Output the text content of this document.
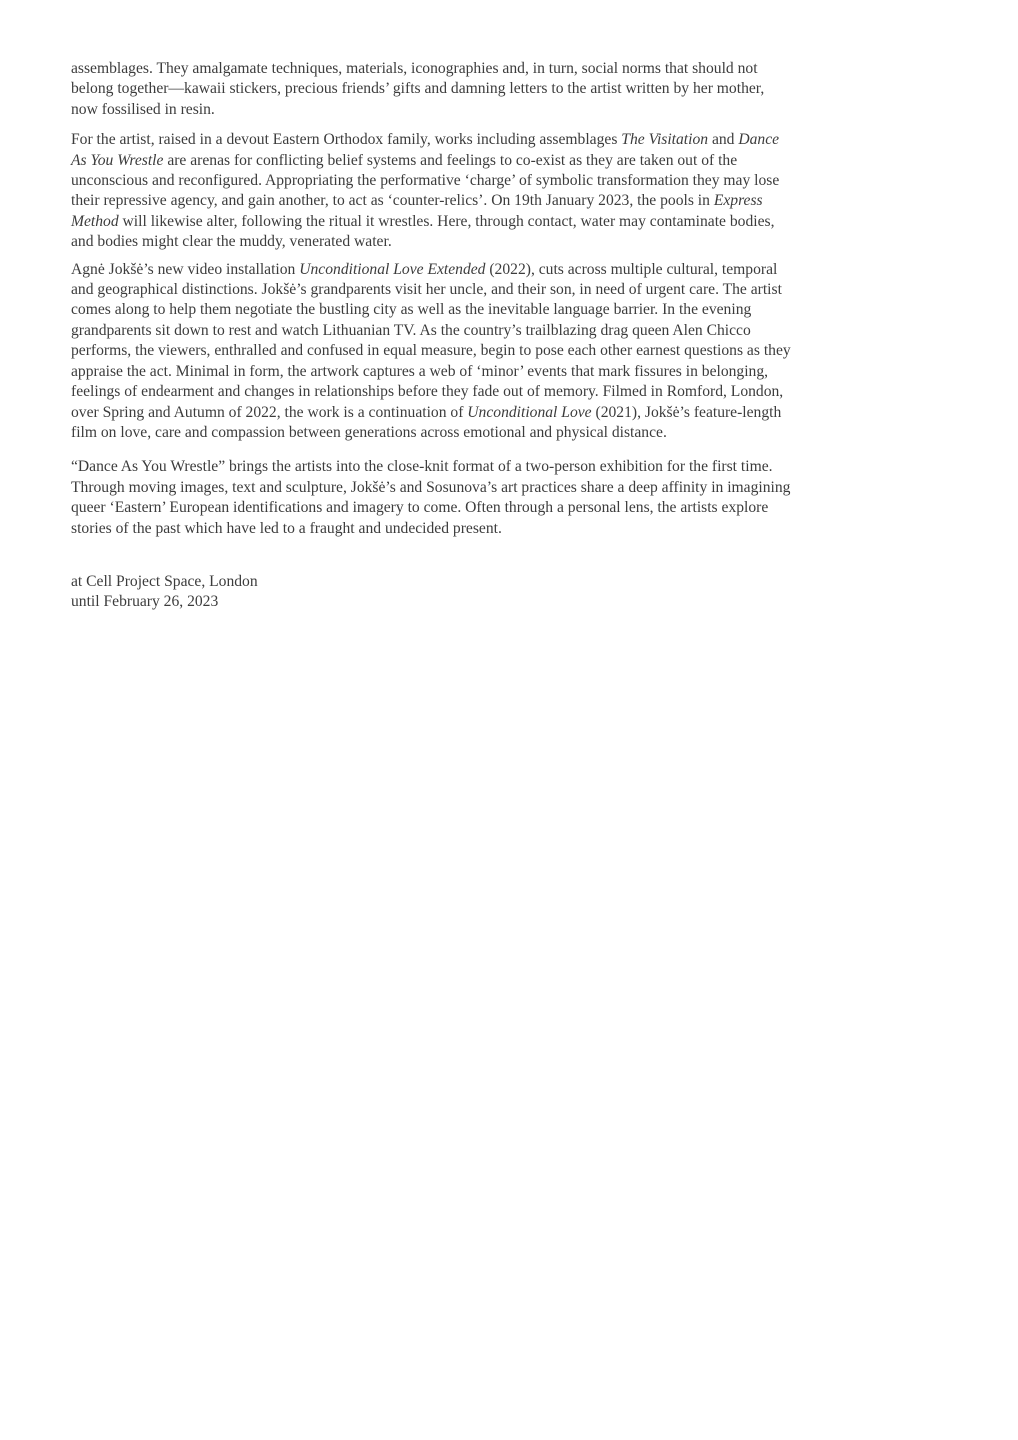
assemblages. They amalgamate techniques, materials, iconographies and, in turn, social norms that should not belong together—kawaii stickers, precious friends’ gifts and damning letters to the artist written by her mother, now fossilised in resin.

For the artist, raised in a devout Eastern Orthodox family, works including assemblages The Visitation and Dance As You Wrestle are arenas for conflicting belief systems and feelings to co-exist as they are taken out of the unconscious and reconfigured. Appropriating the performative ‘charge’ of symbolic transformation they may lose their repressive agency, and gain another, to act as ‘counter-relics’. On 19th January 2023, the pools in Express Method will likewise alter, following the ritual it wrestles. Here, through contact, water may contaminate bodies, and bodies might clear the muddy, venerated water.

Agnė Jokšė’s new video installation Unconditional Love Extended (2022), cuts across multiple cultural, temporal and geographical distinctions. Jokšė’s grandparents visit her uncle, and their son, in need of urgent care. The artist comes along to help them negotiate the bustling city as well as the inevitable language barrier. In the evening grandparents sit down to rest and watch Lithuanian TV. As the country’s trailblazing drag queen Alen Chicco performs, the viewers, enthralled and confused in equal measure, begin to pose each other earnest questions as they appraise the act. Minimal in form, the artwork captures a web of ‘minor’ events that mark fissures in belonging, feelings of endearment and changes in relationships before they fade out of memory. Filmed in Romford, London, over Spring and Autumn of 2022, the work is a continuation of Unconditional Love (2021), Jokšė’s feature-length film on love, care and compassion between generations across emotional and physical distance.

“Dance As You Wrestle” brings the artists into the close-knit format of a two-person exhibition for the first time. Through moving images, text and sculpture, Jokšė’s and Sosunova’s art practices share a deep affinity in imagining queer ‘Eastern’ European identifications and imagery to come. Often through a personal lens, the artists explore stories of the past which have led to a fraught and undecided present.

at Cell Project Space, London

until February 26, 2023
